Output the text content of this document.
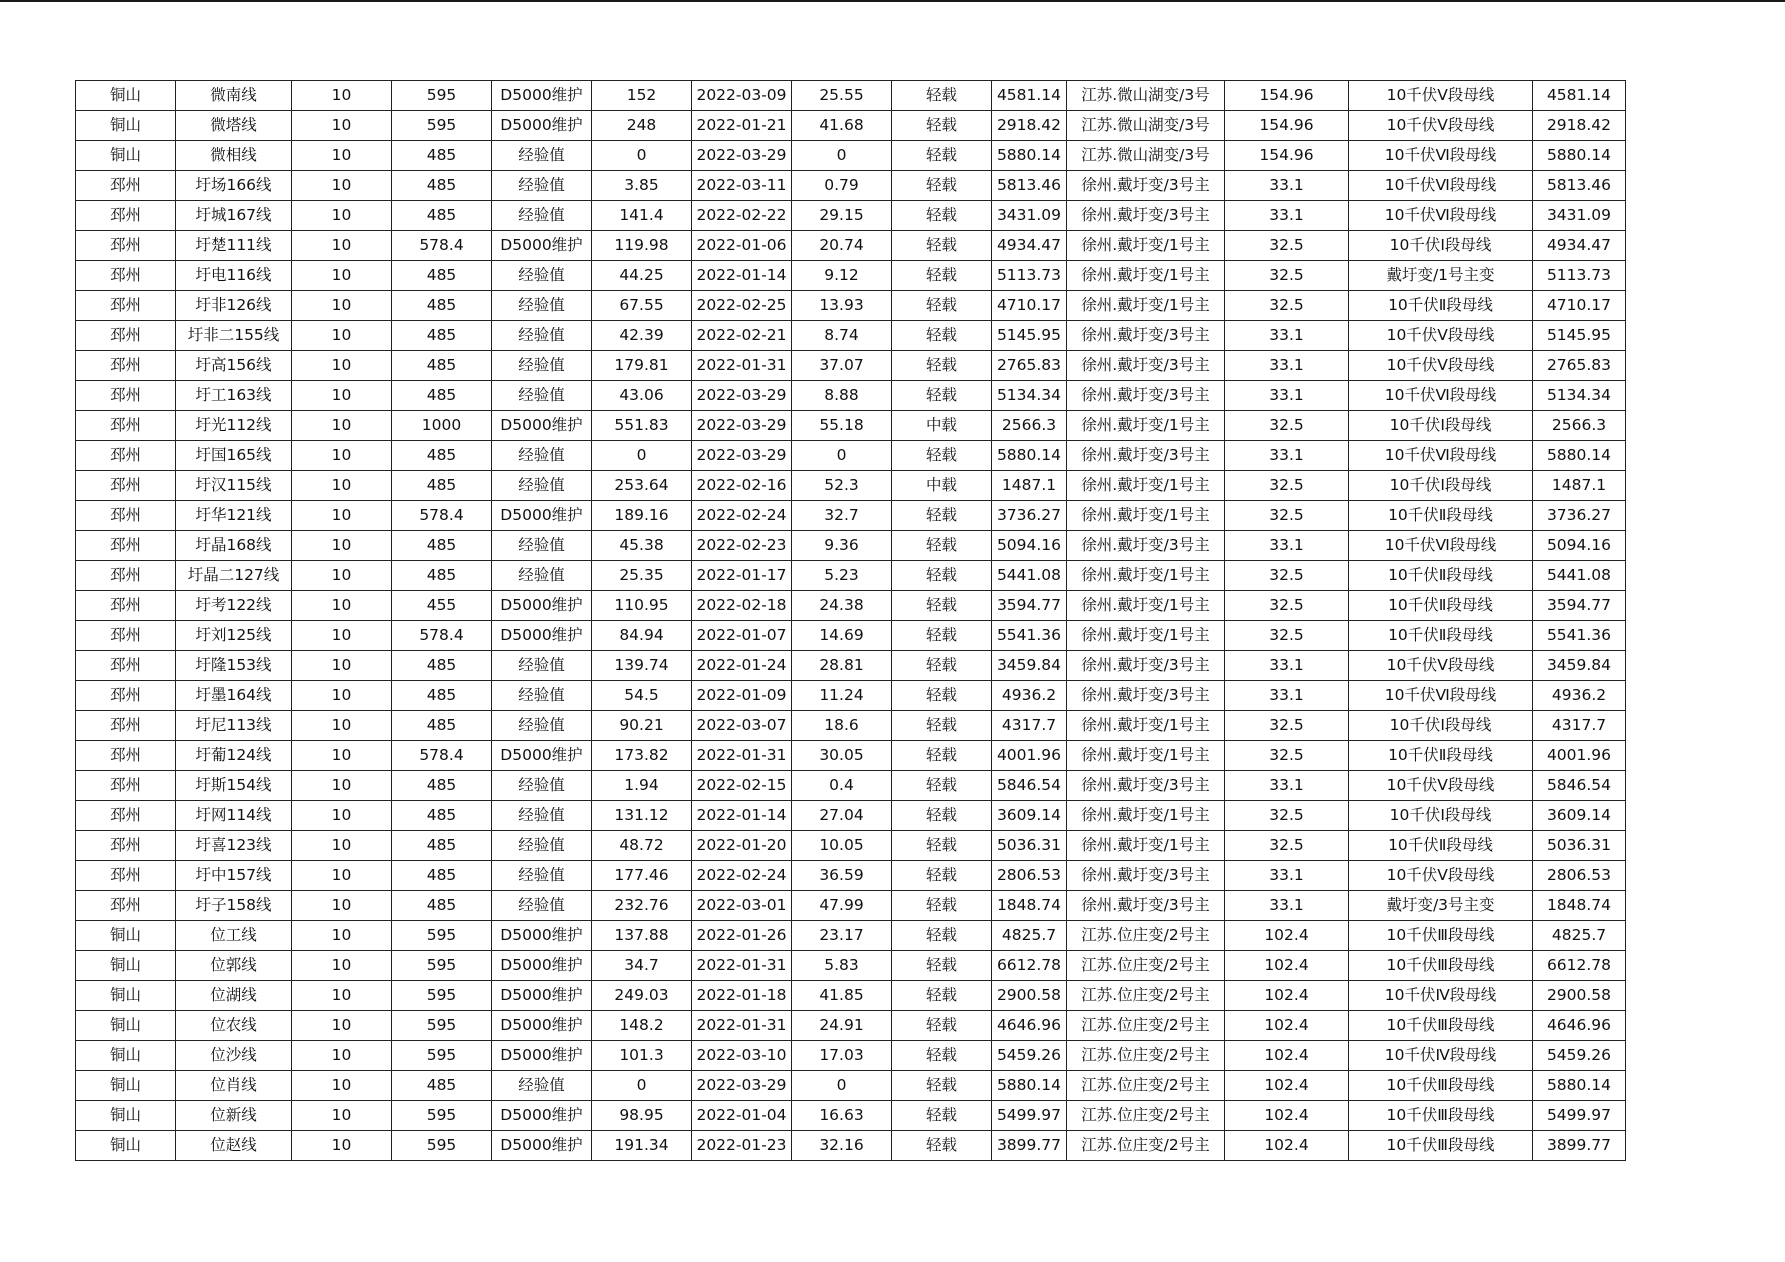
铜山	微南线	10	595	D5000维护	152	2022-03-09	25.55	轻载	4581.14	江苏.微山湖变/3号	154.96	10千伏Ⅴ段母线	4581.14
铜山	微塔线	10	595	D5000维护	248	2022-01-21	41.68	轻载	2918.42	江苏.微山湖变/3号	154.96	10千伏Ⅴ段母线	2918.42
铜山	微相线	10	485	经验值	0	2022-03-29	0	轻载	5880.14	江苏.微山湖变/3号	154.96	10千伏Ⅵ段母线	5880.14
邳州	圩场166线	10	485	经验值	3.85	2022-03-11	0.79	轻载	5813.46	徐州.戴圩变/3号主	33.1	10千伏Ⅵ段母线	5813.46
邳州	圩城167线	10	485	经验值	141.4	2022-02-22	29.15	轻载	3431.09	徐州.戴圩变/3号主	33.1	10千伏Ⅵ段母线	3431.09
邳州	圩楚111线	10	578.4	D5000维护	119.98	2022-01-06	20.74	轻载	4934.47	徐州.戴圩变/1号主	32.5	10千伏Ⅰ段母线	4934.47
邳州	圩电116线	10	485	经验值	44.25	2022-01-14	9.12	轻载	5113.73	徐州.戴圩变/1号主	32.5	戴圩变/1号主变	5113.73
邳州	圩非126线	10	485	经验值	67.55	2022-02-25	13.93	轻载	4710.17	徐州.戴圩变/1号主	32.5	10千伏Ⅱ段母线	4710.17
邳州	圩非二155线	10	485	经验值	42.39	2022-02-21	8.74	轻载	5145.95	徐州.戴圩变/3号主	33.1	10千伏Ⅴ段母线	5145.95
邳州	圩高156线	10	485	经验值	179.81	2022-01-31	37.07	轻载	2765.83	徐州.戴圩变/3号主	33.1	10千伏Ⅴ段母线	2765.83
邳州	圩工163线	10	485	经验值	43.06	2022-03-29	8.88	轻载	5134.34	徐州.戴圩变/3号主	33.1	10千伏Ⅵ段母线	5134.34
邳州	圩光112线	10	1000	D5000维护	551.83	2022-03-29	55.18	中载	2566.3	徐州.戴圩变/1号主	32.5	10千伏Ⅰ段母线	2566.3
邳州	圩国165线	10	485	经验值	0	2022-03-29	0	轻载	5880.14	徐州.戴圩变/3号主	33.1	10千伏Ⅵ段母线	5880.14
邳州	圩汉115线	10	485	经验值	253.64	2022-02-16	52.3	中载	1487.1	徐州.戴圩变/1号主	32.5	10千伏Ⅰ段母线	1487.1
邳州	圩华121线	10	578.4	D5000维护	189.16	2022-02-24	32.7	轻载	3736.27	徐州.戴圩变/1号主	32.5	10千伏Ⅱ段母线	3736.27
邳州	圩晶168线	10	485	经验值	45.38	2022-02-23	9.36	轻载	5094.16	徐州.戴圩变/3号主	33.1	10千伏Ⅵ段母线	5094.16
邳州	圩晶二127线	10	485	经验值	25.35	2022-01-17	5.23	轻载	5441.08	徐州.戴圩变/1号主	32.5	10千伏Ⅱ段母线	5441.08
邳州	圩考122线	10	455	D5000维护	110.95	2022-02-18	24.38	轻载	3594.77	徐州.戴圩变/1号主	32.5	10千伏Ⅱ段母线	3594.77
邳州	圩刘125线	10	578.4	D5000维护	84.94	2022-01-07	14.69	轻载	5541.36	徐州.戴圩变/1号主	32.5	10千伏Ⅱ段母线	5541.36
邳州	圩隆153线	10	485	经验值	139.74	2022-01-24	28.81	轻载	3459.84	徐州.戴圩变/3号主	33.1	10千伏Ⅴ段母线	3459.84
邳州	圩墨164线	10	485	经验值	54.5	2022-01-09	11.24	轻载	4936.2	徐州.戴圩变/3号主	33.1	10千伏Ⅵ段母线	4936.2
邳州	圩尼113线	10	485	经验值	90.21	2022-03-07	18.6	轻载	4317.7	徐州.戴圩变/1号主	32.5	10千伏Ⅰ段母线	4317.7
邳州	圩葡124线	10	578.4	D5000维护	173.82	2022-01-31	30.05	轻载	4001.96	徐州.戴圩变/1号主	32.5	10千伏Ⅱ段母线	4001.96
邳州	圩斯154线	10	485	经验值	1.94	2022-02-15	0.4	轻载	5846.54	徐州.戴圩变/3号主	33.1	10千伏Ⅴ段母线	5846.54
邳州	圩网114线	10	485	经验值	131.12	2022-01-14	27.04	轻载	3609.14	徐州.戴圩变/1号主	32.5	10千伏Ⅰ段母线	3609.14
邳州	圩喜123线	10	485	经验值	48.72	2022-01-20	10.05	轻载	5036.31	徐州.戴圩变/1号主	32.5	10千伏Ⅱ段母线	5036.31
邳州	圩中157线	10	485	经验值	177.46	2022-02-24	36.59	轻载	2806.53	徐州.戴圩变/3号主	33.1	10千伏Ⅴ段母线	2806.53
邳州	圩子158线	10	485	经验值	232.76	2022-03-01	47.99	轻载	1848.74	徐州.戴圩变/3号主	33.1	戴圩变/3号主变	1848.74
铜山	位工线	10	595	D5000维护	137.88	2022-01-26	23.17	轻载	4825.7	江苏.位庄变/2号主	102.4	10千伏Ⅲ段母线	4825.7
铜山	位郭线	10	595	D5000维护	34.7	2022-01-31	5.83	轻载	6612.78	江苏.位庄变/2号主	102.4	10千伏Ⅲ段母线	6612.78
铜山	位湖线	10	595	D5000维护	249.03	2022-01-18	41.85	轻载	2900.58	江苏.位庄变/2号主	102.4	10千伏Ⅳ段母线	2900.58
铜山	位农线	10	595	D5000维护	148.2	2022-01-31	24.91	轻载	4646.96	江苏.位庄变/2号主	102.4	10千伏Ⅲ段母线	4646.96
铜山	位沙线	10	595	D5000维护	101.3	2022-03-10	17.03	轻载	5459.26	江苏.位庄变/2号主	102.4	10千伏Ⅳ段母线	5459.26
铜山	位肖线	10	485	经验值	0	2022-03-29	0	轻载	5880.14	江苏.位庄变/2号主	102.4	10千伏Ⅲ段母线	5880.14
铜山	位新线	10	595	D5000维护	98.95	2022-01-04	16.63	轻载	5499.97	江苏.位庄变/2号主	102.4	10千伏Ⅲ段母线	5499.97
铜山	位赵线	10	595	D5000维护	191.34	2022-01-23	32.16	轻载	3899.77	江苏.位庄变/2号主	102.4	10千伏Ⅲ段母线	3899.77
